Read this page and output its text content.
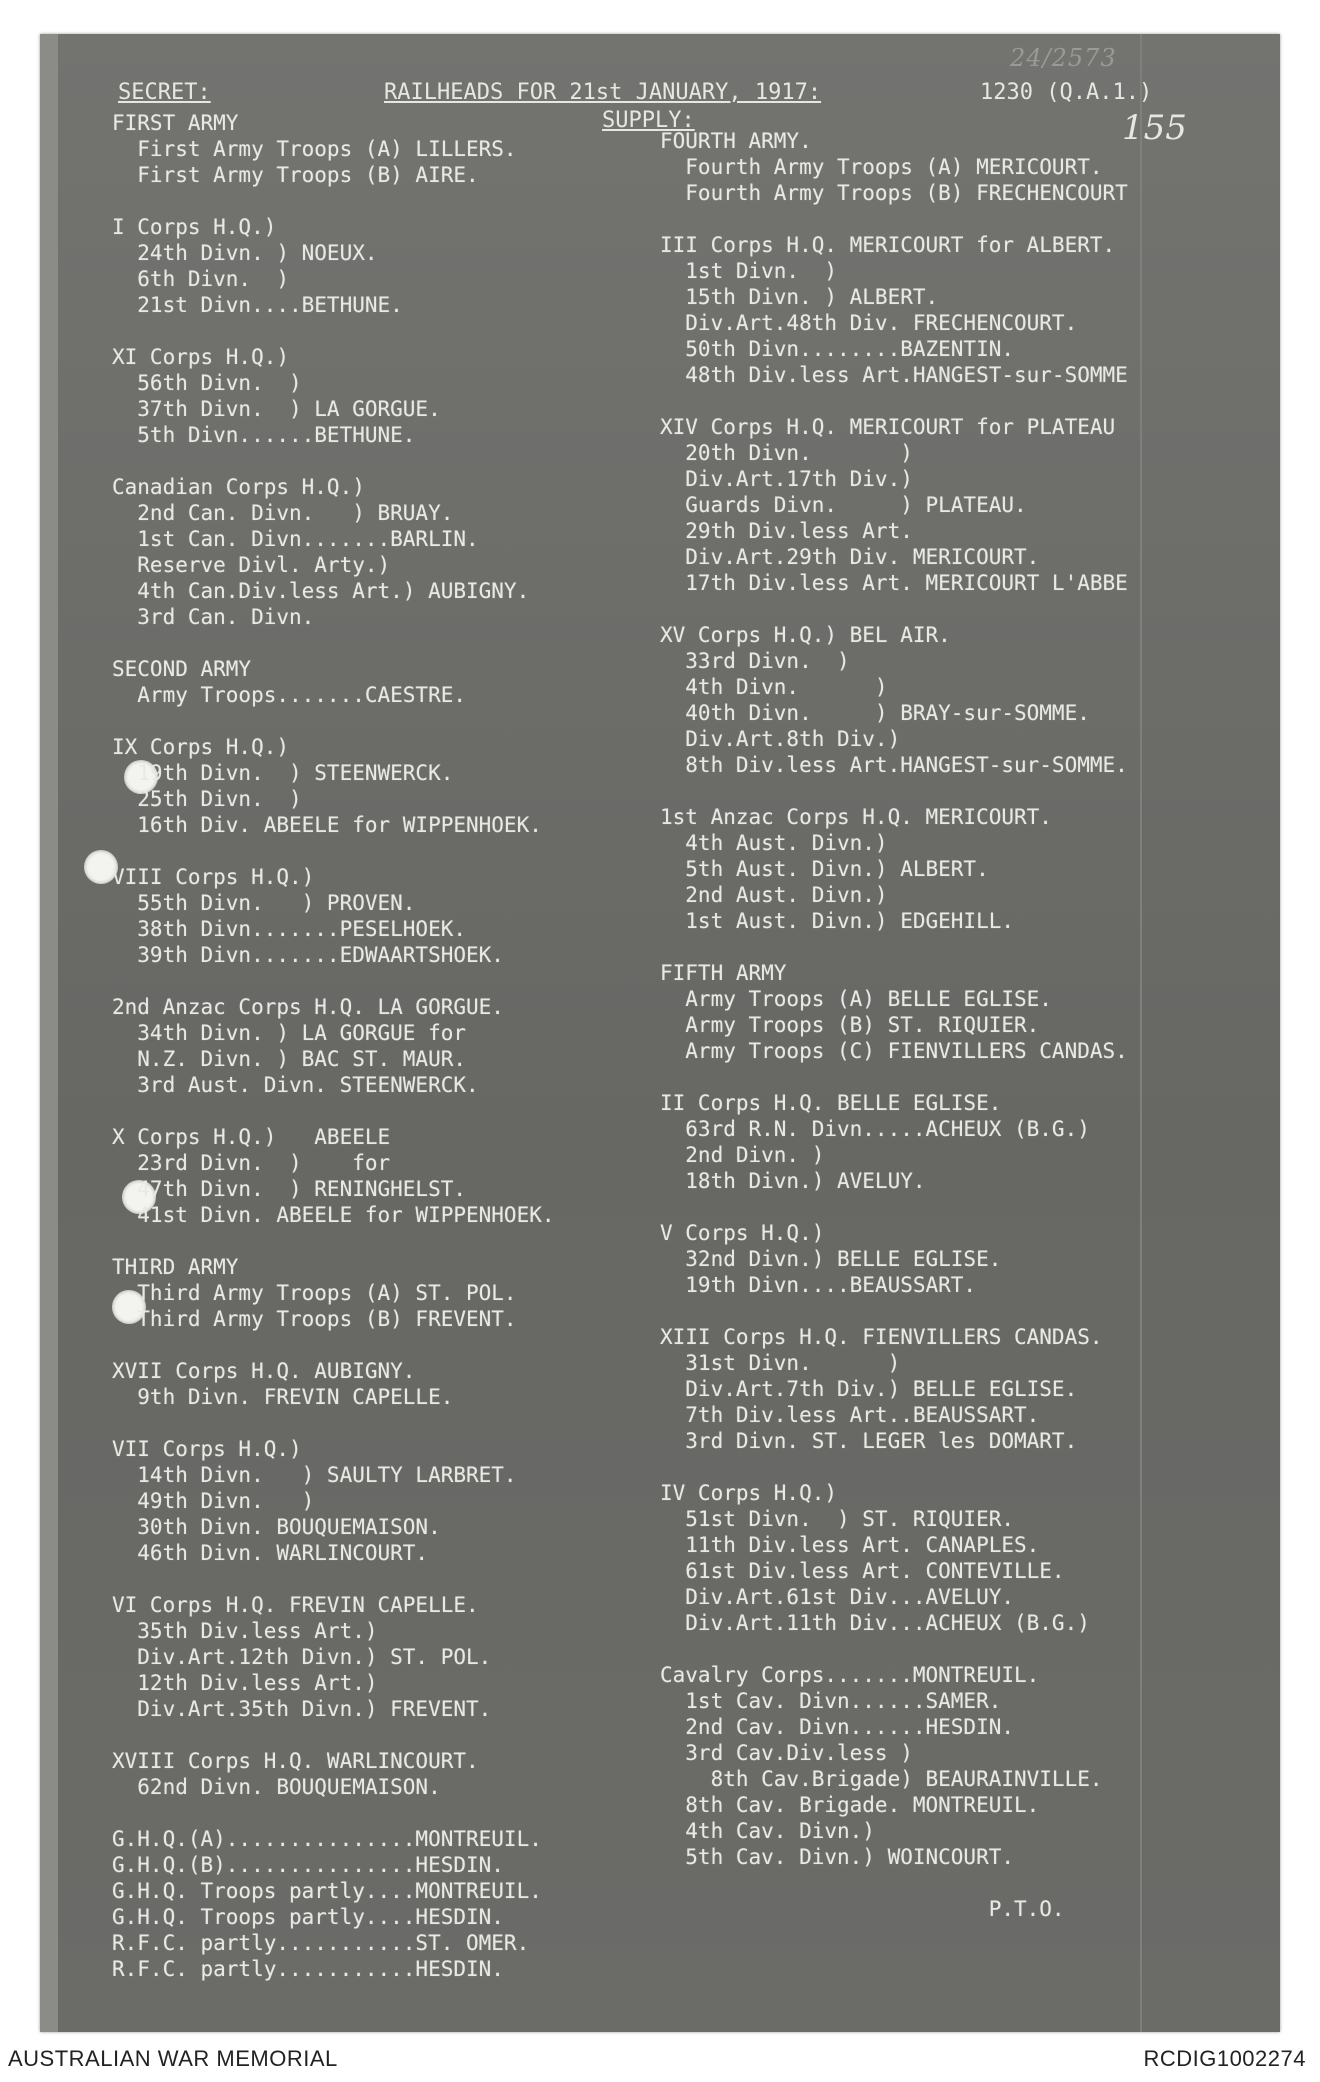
24/2573
155
SECRET:	RAILHEADS FOR 21st JANUARY, 1917:	1230 (Q.A.1.)
SUPPLY:
FIRST ARMY
First Army Troops (A) LILLERS.
First Army Troops (B) AIRE.
I Corps H.Q.)
24th Divn. ) NOEUX.
6th Divn.  )
21st Divn....BETHUNE.
XI Corps H.Q.)
56th Divn.  )
37th Divn.  ) LA GORGUE.
5th Divn......BETHUNE.
Canadian Corps H.Q.)
2nd Can. Divn.   ) BRUAY.
1st Can. Divn.......BARLIN.
Reserve Divl. Arty.)
4th Can.Div.less Art.) AUBIGNY.
3rd Can. Divn.
SECOND ARMY
Army Troops.......CAESTRE.
IX Corps H.Q.)
19th Divn.  ) STEENWERCK.
25th Divn.  )
16th Div. ABEELE for WIPPENHOEK.
VIII Corps H.Q.)
55th Divn.   ) PROVEN.
38th Divn.......PESELHOEK.
39th Divn.......EDWAARTSHOEK.
2nd Anzac Corps H.Q. LA GORGUE.
34th Divn. ) LA GORGUE for
N.Z. Divn. ) BAC ST. MAUR.
3rd Aust. Divn. STEENWERCK.
X Corps H.Q.)   ABEELE
23rd Divn.  )    for
47th Divn.  ) RENINGHELST.
41st Divn. ABEELE for WIPPENHOEK.
THIRD ARMY
Third Army Troops (A) ST. POL.
Third Army Troops (B) FREVENT.
XVII Corps H.Q. AUBIGNY.
9th Divn. FREVIN CAPELLE.
VII Corps H.Q.)
14th Divn.   ) SAULTY LARBRET.
49th Divn.   )
30th Divn. BOUQUEMAISON.
46th Divn. WARLINCOURT.
VI Corps H.Q. FREVIN CAPELLE.
35th Div.less Art.)
Div.Art.12th Divn.) ST. POL.
12th Div.less Art.)
Div.Art.35th Divn.) FREVENT.
XVIII Corps H.Q. WARLINCOURT.
62nd Divn. BOUQUEMAISON.
G.H.Q.(A)...............MONTREUIL.
G.H.Q.(B)...............HESDIN.
G.H.Q. Troops partly....MONTREUIL.
G.H.Q. Troops partly....HESDIN.
R.F.C. partly...........ST. OMER.
R.F.C. partly...........HESDIN.
FOURTH ARMY.
Fourth Army Troops (A) MERICOURT.
Fourth Army Troops (B) FRECHENCOURT
III Corps H.Q. MERICOURT for ALBERT.
1st Divn.  )
15th Divn. ) ALBERT.
Div.Art.48th Div. FRECHENCOURT.
50th Divn........BAZENTIN.
48th Div.less Art.HANGEST-sur-SOMME
XIV Corps H.Q. MERICOURT for PLATEAU
20th Divn.       )
Div.Art.17th Div.)
Guards Divn.     ) PLATEAU.
29th Div.less Art.
Div.Art.29th Div. MERICOURT.
17th Div.less Art. MERICOURT L'ABBE
XV Corps H.Q.) BEL AIR.
33rd Divn.  )
4th Divn.      )
40th Divn.     ) BRAY-sur-SOMME.
Div.Art.8th Div.)
8th Div.less Art.HANGEST-sur-SOMME.
1st Anzac Corps H.Q. MERICOURT.
4th Aust. Divn.)
5th Aust. Divn.) ALBERT.
2nd Aust. Divn.)
1st Aust. Divn.) EDGEHILL.
FIFTH ARMY
Army Troops (A) BELLE EGLISE.
Army Troops (B) ST. RIQUIER.
Army Troops (C) FIENVILLERS CANDAS.
II Corps H.Q. BELLE EGLISE.
63rd R.N. Divn.....ACHEUX (B.G.)
2nd Divn. )
18th Divn.) AVELUY.
V Corps H.Q.)
32nd Divn.) BELLE EGLISE.
19th Divn....BEAUSSART.
XIII Corps H.Q. FIENVILLERS CANDAS.
31st Divn.      )
Div.Art.7th Div.) BELLE EGLISE.
7th Div.less Art..BEAUSSART.
3rd Divn. ST. LEGER les DOMART.
IV Corps H.Q.)
51st Divn.  ) ST. RIQUIER.
11th Div.less Art. CANAPLES.
61st Div.less Art. CONTEVILLE.
Div.Art.61st Div...AVELUY.
Div.Art.11th Div...ACHEUX (B.G.)
Cavalry Corps.......MONTREUIL.
1st Cav. Divn......SAMER.
2nd Cav. Divn......HESDIN.
3rd Cav.Div.less )
8th Cav.Brigade) BEAURAINVILLE.
8th Cav. Brigade. MONTREUIL.
4th Cav. Divn.)
5th Cav. Divn.) WOINCOURT.
P.T.O.
AUSTRALIAN WAR MEMORIAL	RCDIG1002274
